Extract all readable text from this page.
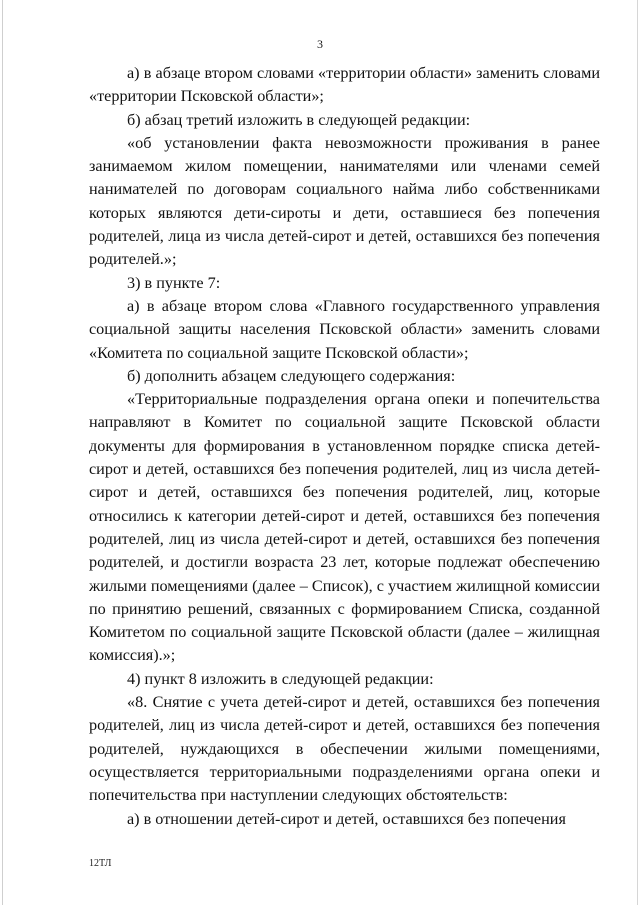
3

а) в абзаце втором словами «территории области» заменить словами «территории Псковской области»;

б) абзац третий изложить в следующей редакции:

«об установлении факта невозможности проживания в ранее занимаемом жилом помещении, нанимателями или членами семей нанимателей по договорам социального найма либо собственниками которых являются дети-сироты и дети, оставшиеся без попечения родителей, лица из числа детей-сирот и детей, оставшихся без попечения родителей.»;

3) в пункте 7:

а) в абзаце втором слова «Главного государственного управления социальной защиты населения Псковской области» заменить словами «Комитета по социальной защите Псковской области»;

б) дополнить абзацем следующего содержания:

«Территориальные подразделения органа опеки и попечительства направляют в Комитет по социальной защите Псковской области документы для формирования в установленном порядке списка детей-сирот и детей, оставшихся без попечения родителей, лиц из числа детей-сирот и детей, оставшихся без попечения родителей, лиц, которые относились к категории детей-сирот и детей, оставшихся без попечения родителей, лиц из числа детей-сирот и детей, оставшихся без попечения родителей, и достигли возраста 23 лет, которые подлежат обеспечению жилыми помещениями (далее – Список), с участием жилищной комиссии по принятию решений, связанных с формированием Списка, созданной Комитетом по социальной защите Псковской области (далее – жилищная комиссия).»;

4) пункт 8 изложить в следующей редакции:

«8. Снятие с учета детей-сирот и детей, оставшихся без попечения родителей, лиц из числа детей-сирот и детей, оставшихся без попечения родителей, нуждающихся в обеспечении жилыми помещениями, осуществляется территориальными подразделениями органа опеки и попечительства при наступлении следующих обстоятельств:

а) в отношении детей-сирот и детей, оставшихся без попечения

12ТЛ
